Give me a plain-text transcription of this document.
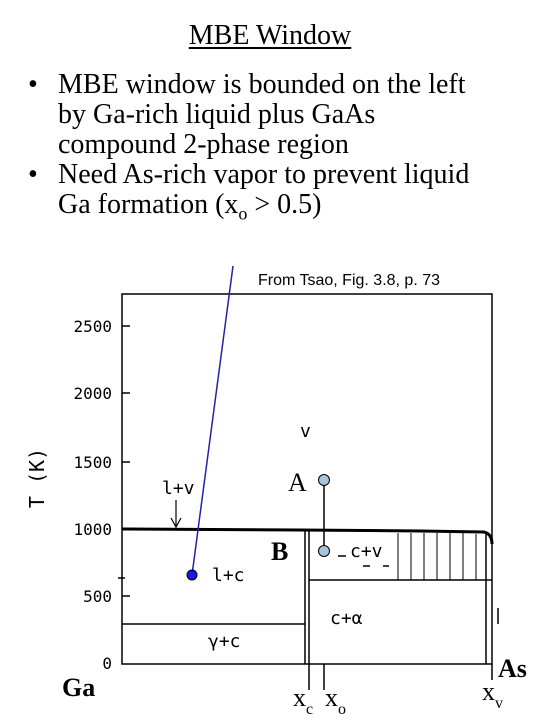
MBE Window
• MBE window is bounded on the left
by Ga-rich liquid plus GaAs
compound 2-phase region
• Need As-rich vapor to prevent liquid
Ga formation $(x_o > 0.5)$
From Tsao, Fig. 3.8, p. 73
2500
2000
1500
1000
500
0
T (K)
v
l+v
l+c
c+v
c+α
γ+c
A
B
Ga
As
$x_c$ $x_o$
$x_v$
